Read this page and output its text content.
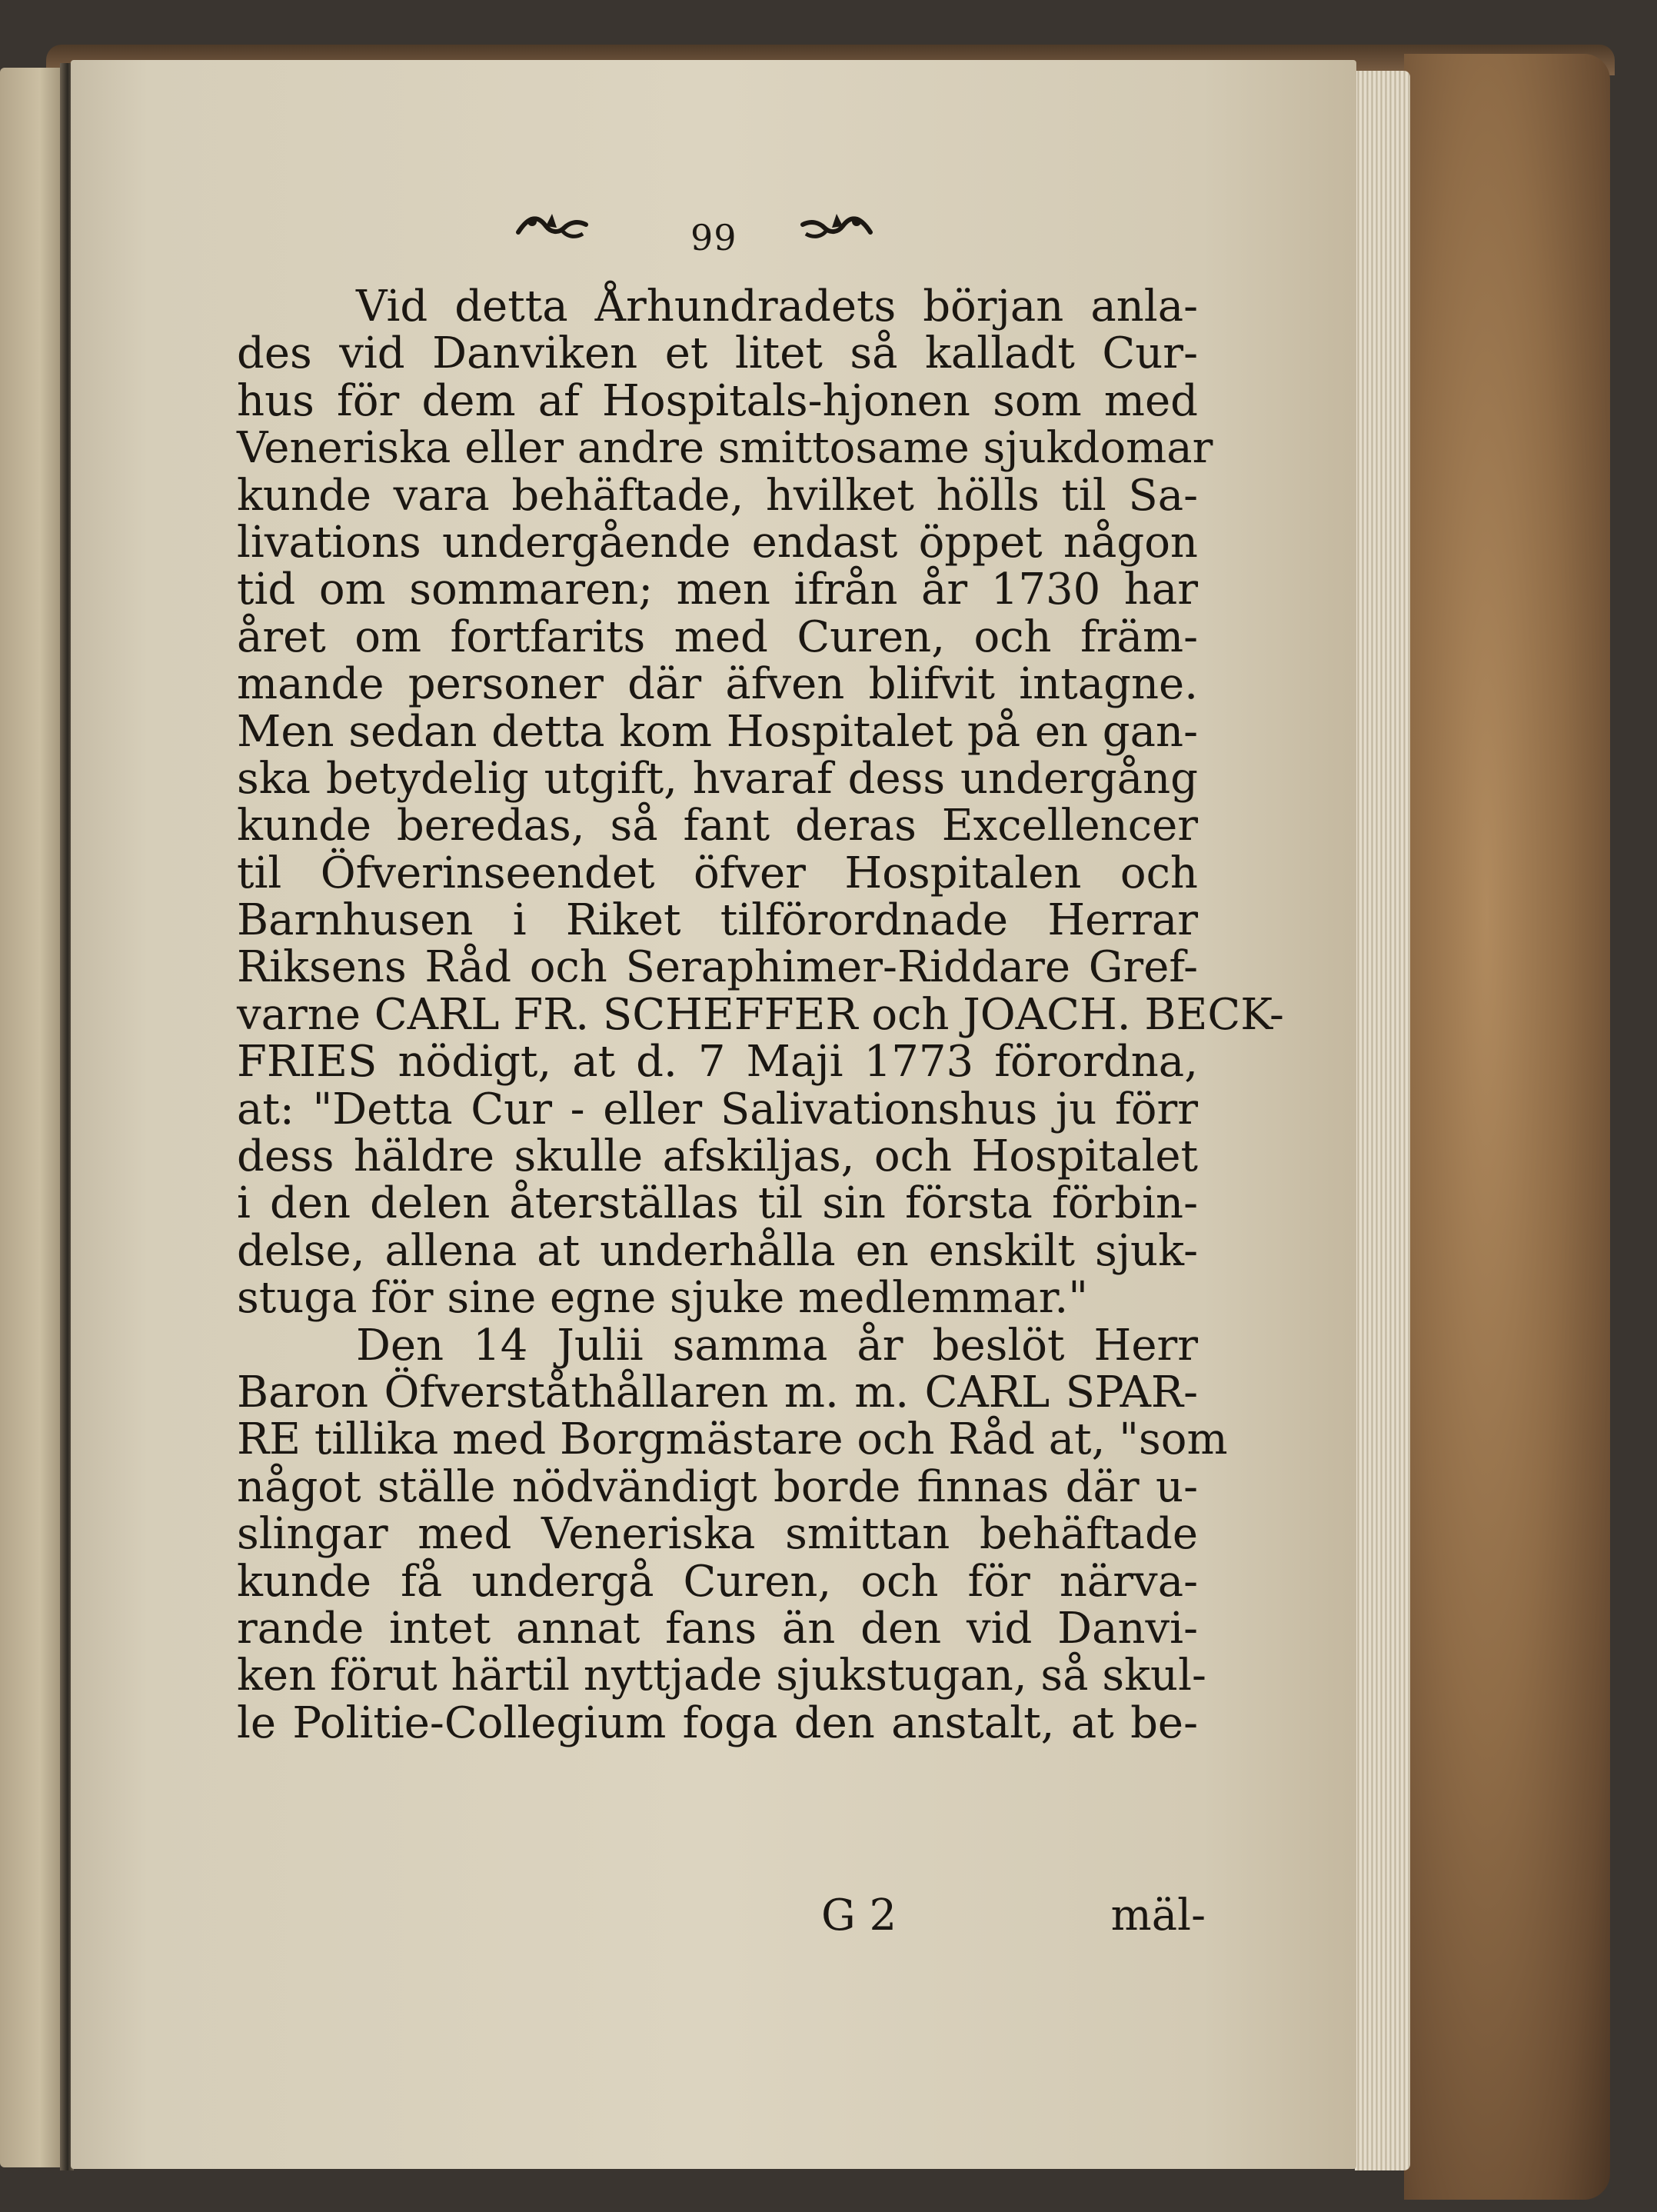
99
Vid detta Århundradets början anla-
des vid Danviken et litet så kalladt Cur-
hus för dem af Hospitals-hjonen som med
Veneriska eller andre smittosame sjukdomar
kunde vara behäftade, hvilket hölls til Sa-
livations undergående endast öppet någon
tid om sommaren; men ifrån år 1730 har
året om fortfarits med Curen, och främ-
mande personer där äfven blifvit intagne.
Men sedan detta kom Hospitalet på en gan-
ska betydelig utgift, hvaraf dess undergång
kunde beredas, så fant deras Excellencer
til Öfverinseendet öfver Hospitalen och
Barnhusen i Riket tilförordnade Herrar
Riksens Råd och Seraphimer-Riddare Gref-
varne CARL FR. SCHEFFER och JOACH. BECK-
FRIES nödigt, at d. 7 Maji 1773 förordna,
at: "Detta Cur - eller Salivationshus ju förr
dess häldre skulle afskiljas, och Hospitalet
i den delen återställas til sin första förbin-
delse, allena at underhålla en enskilt sjuk-
stuga för sine egne sjuke medlemmar."
Den 14 Julii samma år beslöt Herr
Baron Öfverståthållaren m. m. CARL SPAR-
RE tillika med Borgmästare och Råd at, "som
något ställe nödvändigt borde finnas där u-
slingar med Veneriska smittan behäftade
kunde få undergå Curen, och för närva-
rande intet annat fans än den vid Danvi-
ken förut härtil nyttjade sjukstugan, så skul-
le Politie-Collegium foga den anstalt, at be-
G 2	mäl-
